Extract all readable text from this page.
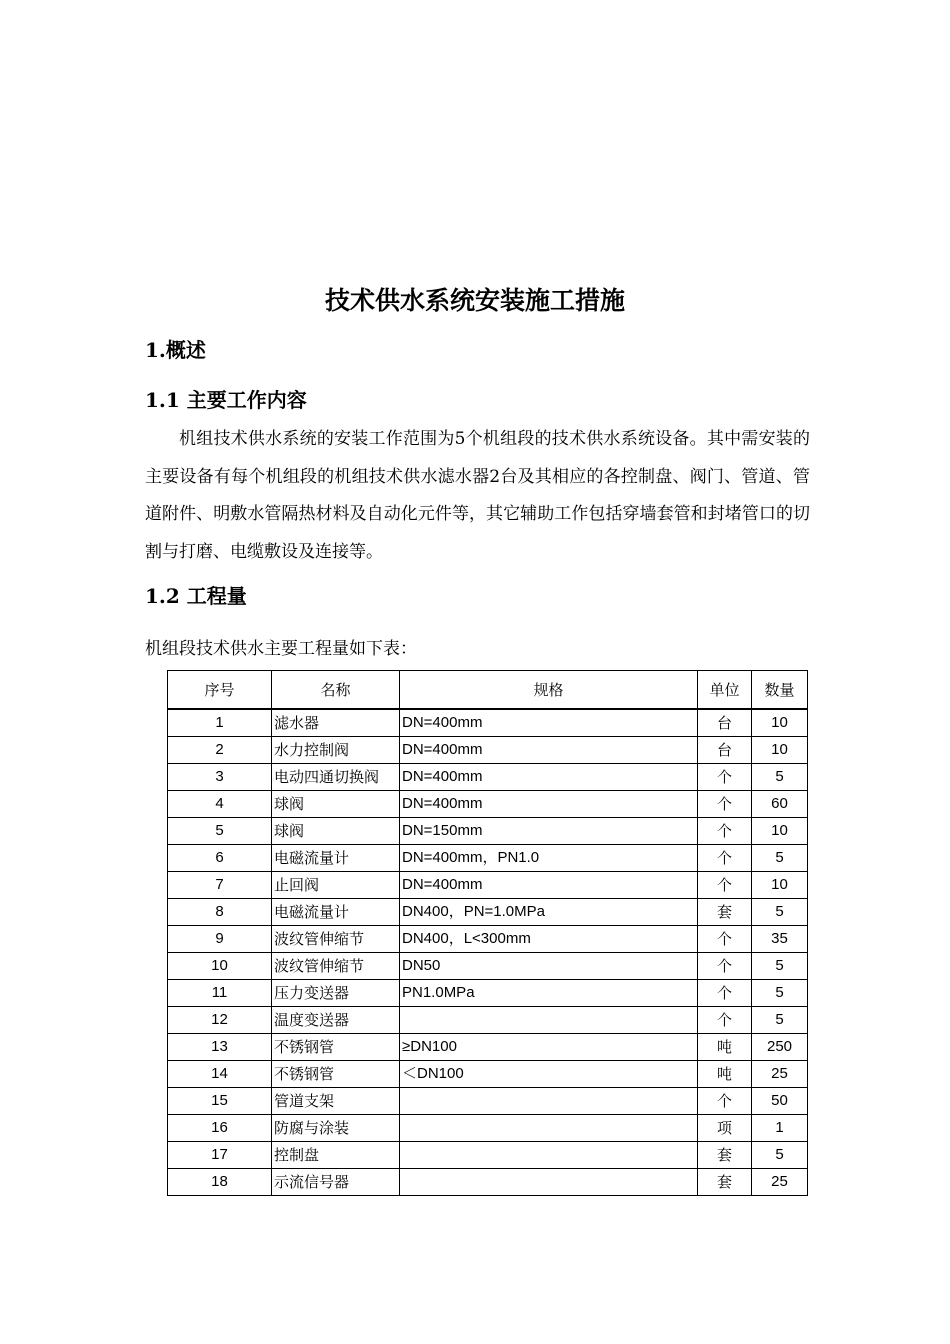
技术供水系统安装施工措施
1.概述
1.1 主要工作内容

机组技术供水系统的安装工作范围为5个机组段的技术供水系统设备。其中需安装的主要设备有每个机组段的机组技术供水滤水器2台及其相应的各控制盘、阀门、管道、管道附件、明敷水管隔热材料及自动化元件等，其它辅助工作包括穿墙套管和封堵管口的切割与打磨、电缆敷设及连接等。

1.2 工程量

机组段技术供水主要工程量如下表：

序号	名称	规格	单位	数量
1	滤水器	DN=400mm	台	10
2	水力控制阀	DN=400mm	台	10
3	电动四通切换阀	DN=400mm	个	5
4	球阀	DN=400mm	个	60
5	球阀	DN=150mm	个	10
6	电磁流量计	DN=400mm，PN1.0	个	5
7	止回阀	DN=400mm	个	10
8	电磁流量计	DN400，PN=1.0MPa	套	5
9	波纹管伸缩节	DN400，L<300mm	个	35
10	波纹管伸缩节	DN50	个	5
11	压力变送器	PN1.0MPa	个	5
12	温度变送器		个	5
13	不锈钢管	≥DN100	吨	250
14	不锈钢管	＜DN100	吨	25
15	管道支架		个	50
16	防腐与涂装		项	1
17	控制盘		套	5
18	示流信号器		套	25
